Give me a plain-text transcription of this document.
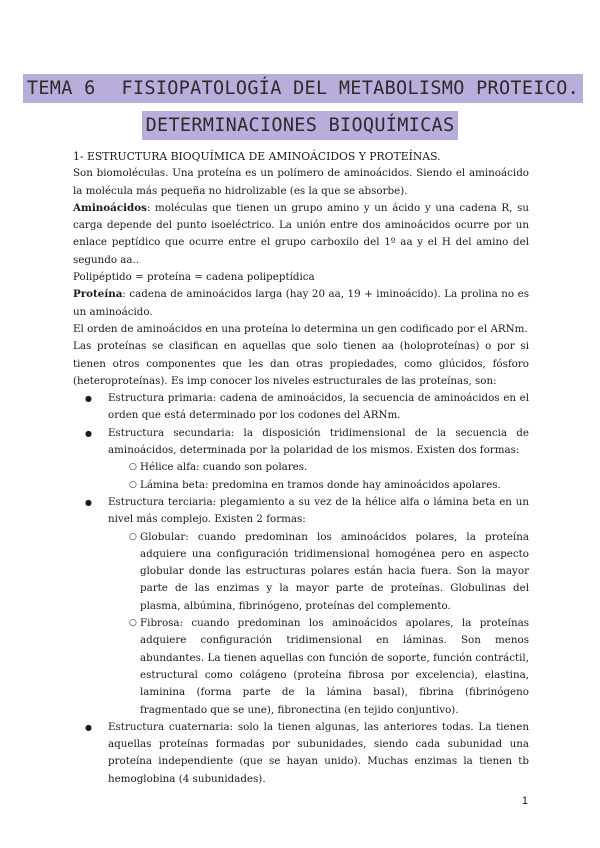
TEMA 6 FISIOPATOLOGÍA DEL METABOLISMO PROTEICO.
DETERMINACIONES BIOQUÍMICAS

1- ESTRUCTURA BIOQUÍMICA DE AMINOÁCIDOS Y PROTEÍNAS.

Son biomoléculas. Una proteína es un polímero de aminoácidos. Siendo el aminoácido la molécula más pequeña no hidrolizable (es la que se absorbe).

Aminoácidos: moléculas que tienen un grupo amino y un ácido y una cadena R, su carga depende del punto isoeléctrico. La unión entre dos aminoácidos ocurre por un enlace peptídico que ocurre entre el grupo carboxilo del 1º aa y el H del amino del segundo aa..

Polipéptido = proteína = cadena polipeptídica

Proteína: cadena de aminoácidos larga (hay 20 aa, 19 + iminoácido). La prolina no es un aminoácido.

El orden de aminoácidos en una proteína lo determina un gen codificado por el ARNm.

Las proteínas se clasifican en aquellas que solo tienen aa (holoproteínas) o por si tienen otros componentes que les dan otras propiedades, como glúcidos, fósforo (heteroproteínas). Es imp conocer los niveles estructurales de las proteínas, son:

● Estructura primaria: cadena de aminoácidos, la secuencia de aminoácidos en el orden que está determinado por los codones del ARNm.

● Estructura secundaria: la disposición tridimensional de la secuencia de aminoácidos, determinada por la polaridad de los mismos. Existen dos formas:

○ Hélice alfa: cuando son polares.

○ Lámina beta: predomina en tramos donde hay aminoácidos apolares.

● Estructura terciaria: plegamiento a su vez de la hélice alfa o lámina beta en un nivel más complejo. Existen 2 formas:

○ Globular: cuando predominan los aminoácidos polares, la proteína adquiere una configuración tridimensional homogénea pero en aspecto globular donde las estructuras polares están hacia fuera. Son la mayor parte de las enzimas y la mayor parte de proteínas. Globulinas del plasma, albúmina, fibrinógeno, proteínas del complemento.

○ Fibrosa: cuando predominan los aminoácidos apolares, la proteínas adquiere configuración tridimensional en láminas. Son menos abundantes. La tienen aquellas con función de soporte, función contráctil, estructural como colágeno (proteína fibrosa por excelencia), elastina, laminina (forma parte de la lámina basal), fibrina (fibrinógeno fragmentado que se une), fibronectina (en tejido conjuntivo).

● Estructura cuaternaria: solo la tienen algunas, las anteriores todas. La tienen aquellas proteínas formadas por subunidades, siendo cada subunidad una proteína independiente (que se hayan unido). Muchas enzimas la tienen tb hemoglobina (4 subunidades).

1
